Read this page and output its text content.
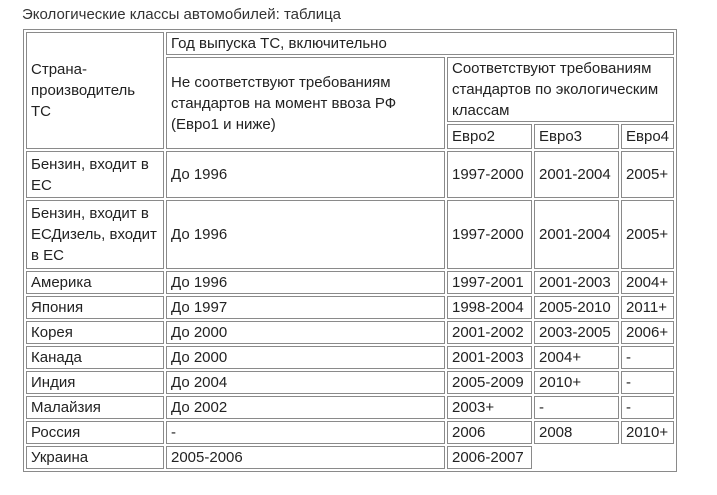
Экологические классы автомобилей: таблица
Страна-производитель ТС	Год выпуска ТС, включительно			
	Не соответствуют требованиям стандартов на момент ввоза РФ (Евро1 и ниже)	Соответствуют требованиям стандартов по экологическим классам		
		Евро2	Евро3	Евро4
Бензин, входит в ЕС	До 1996	1997-2000	2001-2004	2005+
Бензин, входит в ЕСДизель, входит в ЕС	До 1996	1997-2000	2001-2004	2005+
Америка	До 1996	1997-2001	2001-2003	2004+
Япония	До 1997	1998-2004	2005-2010	2011+
Корея	До 2000	2001-2002	2003-2005	2006+
Канада	До 2000	2001-2003	2004+	-
Индия	До 2004	2005-2009	2010+	-
Малайзия	До 2002	2003+	-	-
Россия	-	2006	2008	2010+
Украина	2005-2006	2006-2007		
